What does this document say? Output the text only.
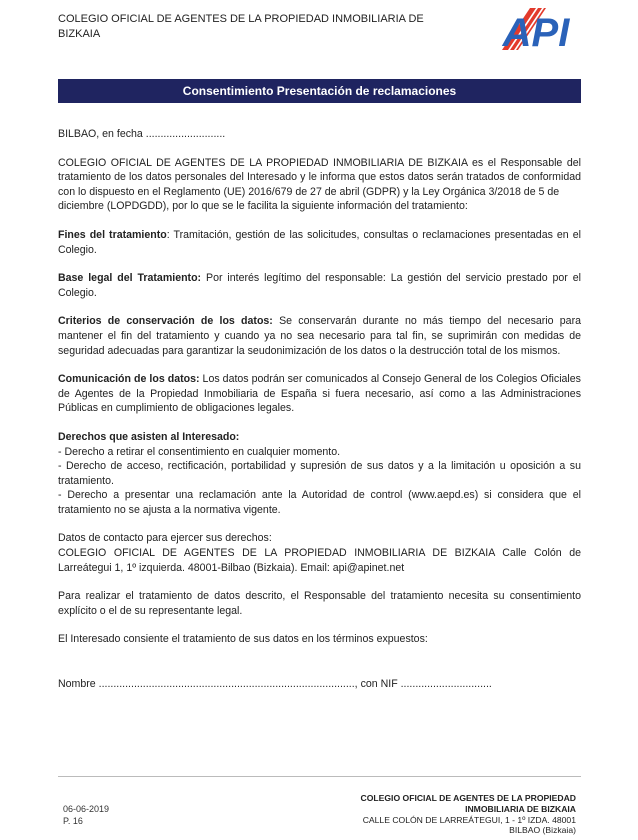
COLEGIO OFICIAL DE AGENTES DE LA PROPIEDAD INMOBILIARIA DE BIZKAIA	API
Consentimiento Presentación de reclamaciones

BILBAO, en fecha ...........................

COLEGIO OFICIAL DE AGENTES DE LA PROPIEDAD INMOBILIARIA DE BIZKAIA es el Responsable del tratamiento de los datos personales del Interesado y le informa que estos datos serán tratados de conformidad con lo dispuesto en el Reglamento (UE) 2016/679 de 27 de abril (GDPR) y la Ley Orgánica 3/2018 de 5 de

diciembre (LOPDGDD), por lo que se le facilita la siguiente información del tratamiento:

Fines del tratamiento: Tramitación, gestión de las solicitudes, consultas o reclamaciones presentadas en el Colegio.

Base legal del Tratamiento: Por interés legítimo del responsable: La gestión del servicio prestado por el Colegio.

Criterios de conservación de los datos: Se conservarán durante no más tiempo del necesario para mantener el fin del tratamiento y cuando ya no sea necesario para tal fin, se suprimirán con medidas de seguridad adecuadas para garantizar la seudonimización de los datos o la destrucción total de los mismos.

Comunicación de los datos: Los datos podrán ser comunicados al Consejo General de los Colegios Oficiales de Agentes de la Propiedad Inmobiliaria de España si fuera necesario, así como a las Administraciones Públicas en cumplimiento de obligaciones legales.

Derechos que asisten al Interesado:

- Derecho a retirar el consentimiento en cualquier momento.

- Derecho de acceso, rectificación, portabilidad y supresión de sus datos y a la limitación u oposición a su tratamiento.

- Derecho a presentar una reclamación ante la Autoridad de control (www.aepd.es) si considera que el tratamiento no se ajusta a la normativa vigente.

Datos de contacto para ejercer sus derechos:

COLEGIO OFICIAL DE AGENTES DE LA PROPIEDAD INMOBILIARIA DE BIZKAIA Calle Colón de Larreátegui 1, 1º izquierda. 48001-Bilbao (Bizkaia). Email: api@apinet.net

Para realizar el tratamiento de datos descrito, el Responsable del tratamiento necesita su consentimiento explícito o el de su representante legal.

El Interesado consiente el tratamiento de sus datos en los términos expuestos:

Nombre ......................................................................................., con NIF ...............................

06-06-2019
P. 16
COLEGIO OFICIAL DE AGENTES DE LA PROPIEDAD
INMOBILIARIA DE BIZKAIA
CALLE COLÓN DE LARREÁTEGUI, 1 - 1º IZDA. 48001
BILBAO (Bizkaia)
